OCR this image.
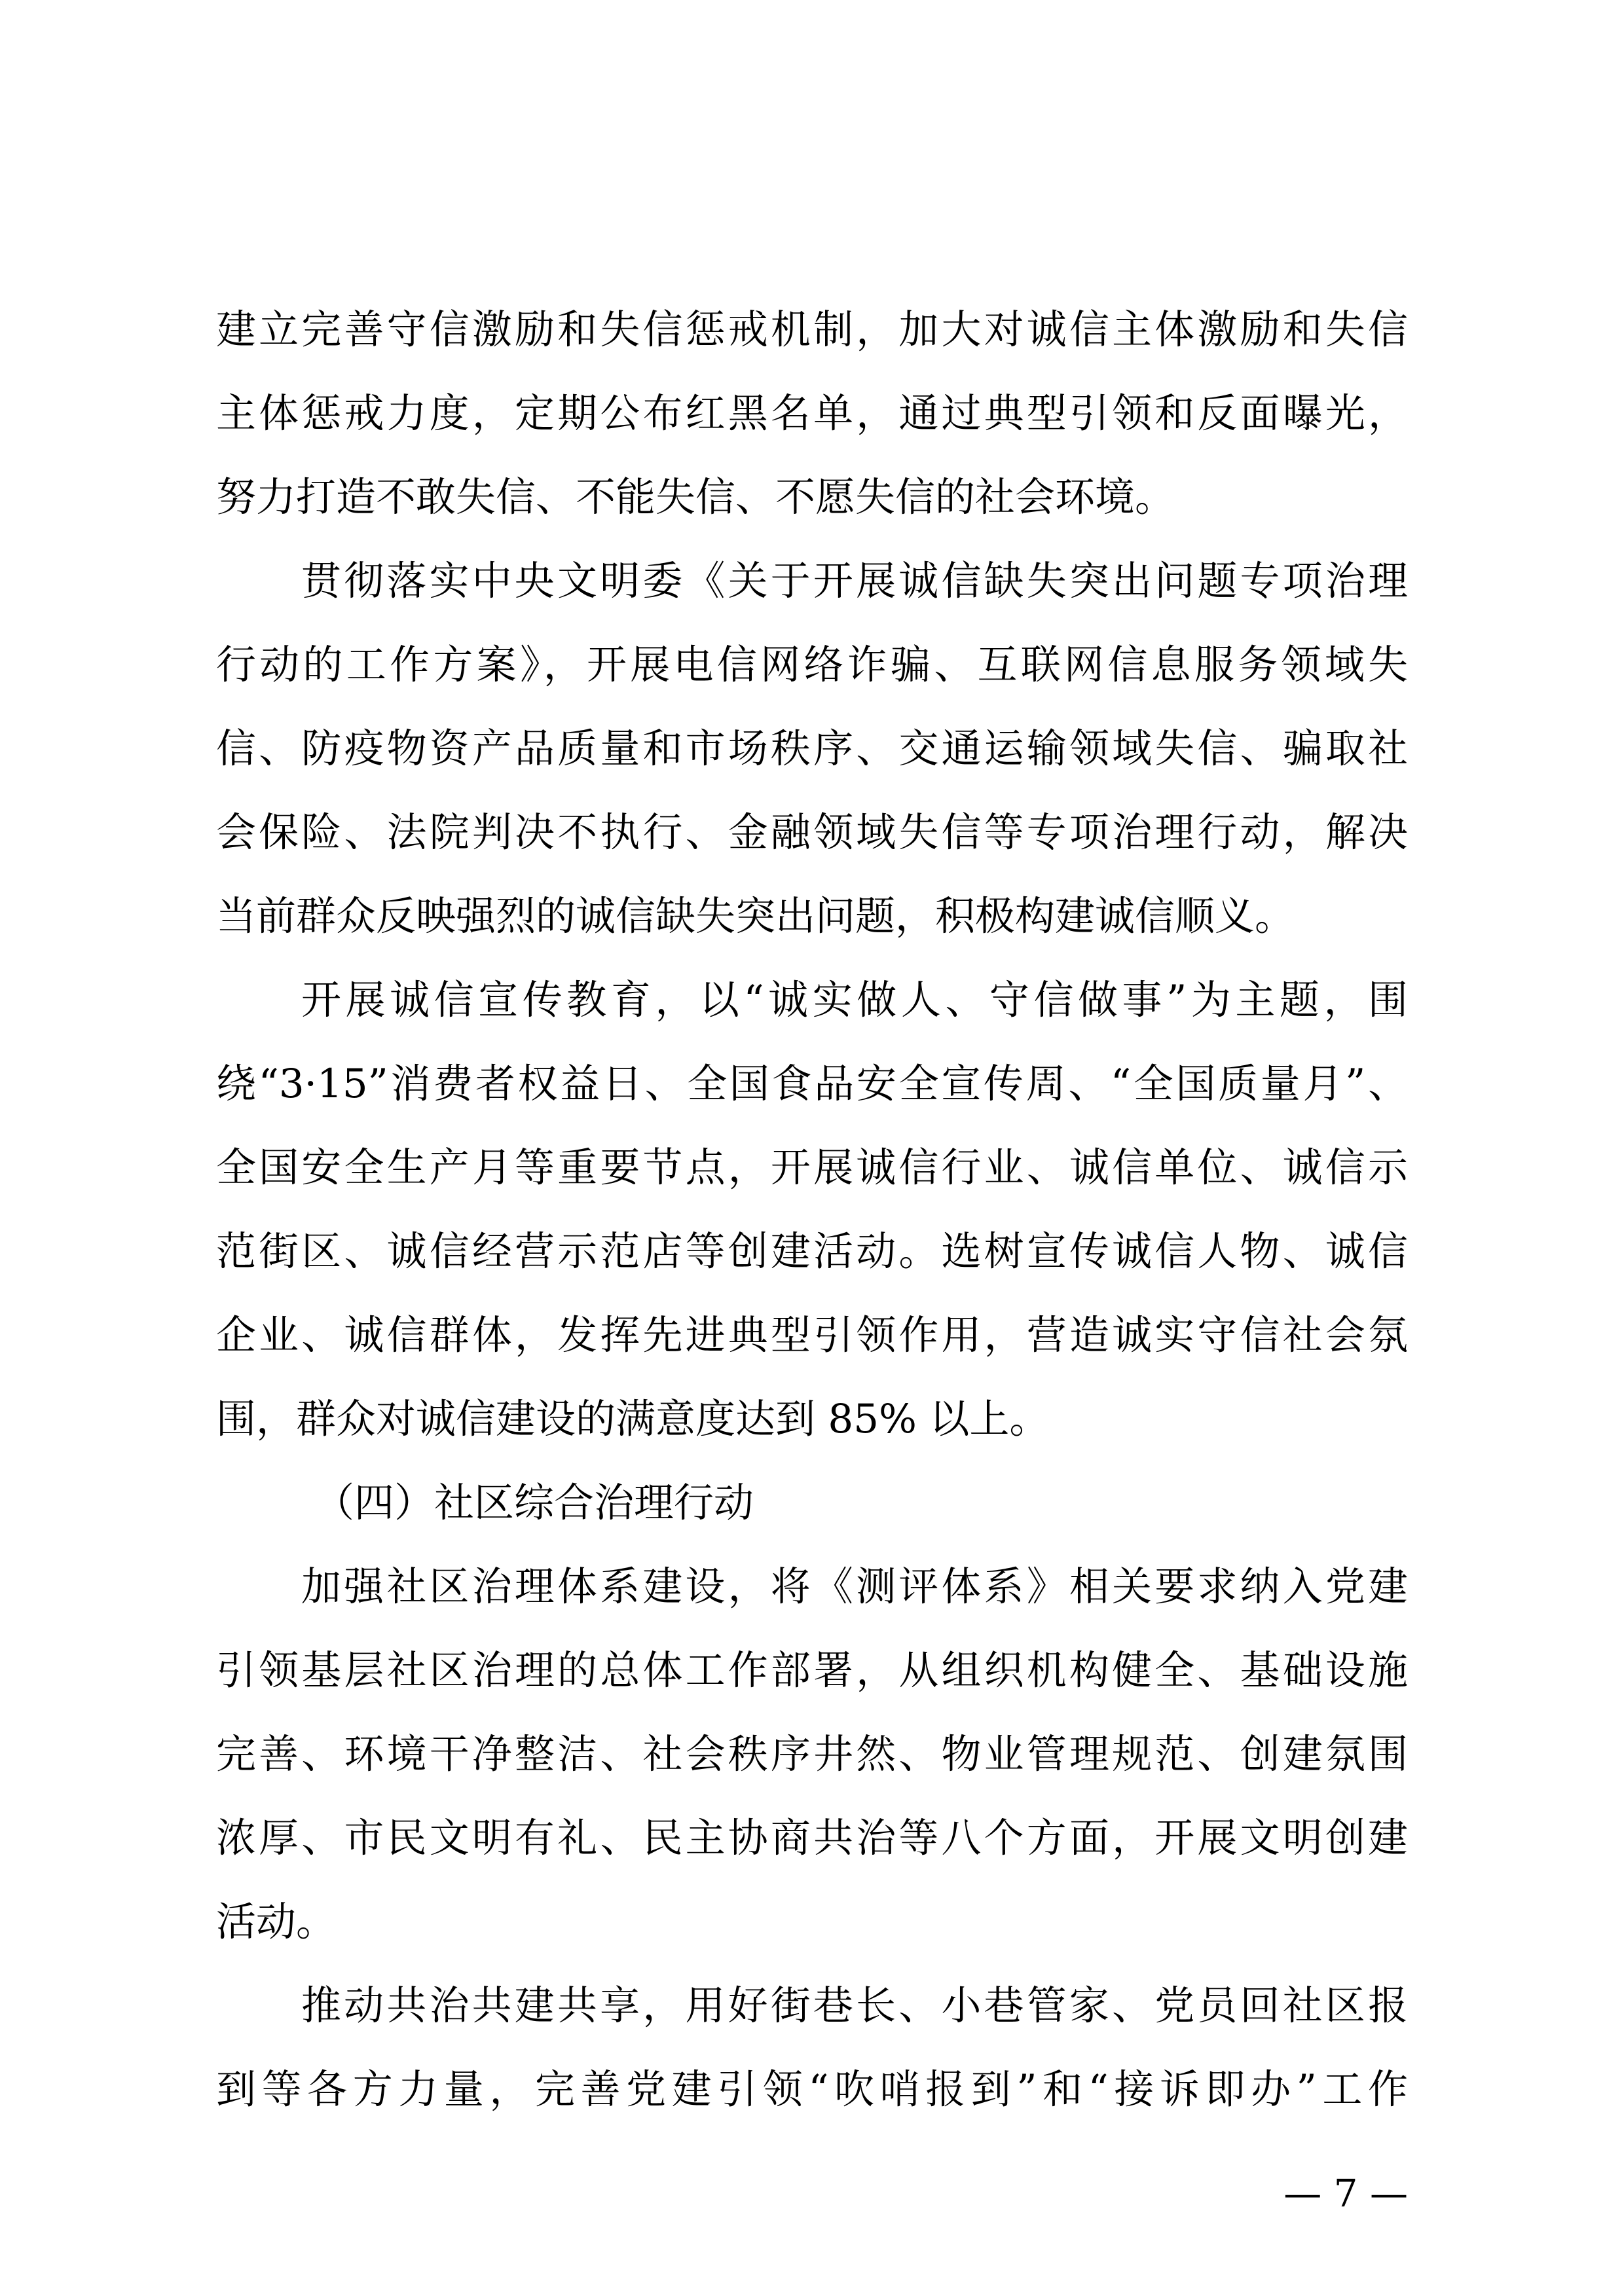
建立完善守信激励和失信惩戒机制，加大对诚信主体激励和失信
主体惩戒力度，定期公布红黑名单，通过典型引领和反面曝光，
努力打造不敢失信、不能失信、不愿失信的社会环境。
贯彻落实中央文明委《关于开展诚信缺失突出问题专项治理
行动的工作方案》，开展电信网络诈骗、互联网信息服务领域失
信、防疫物资产品质量和市场秩序、交通运输领域失信、骗取社
会保险、法院判决不执行、金融领域失信等专项治理行动，解决
当前群众反映强烈的诚信缺失突出问题，积极构建诚信顺义。
开展诚信宣传教育，以“诚实做人、守信做事”为主题，围
绕“3·15”消费者权益日、全国食品安全宣传周、“全国质量月”、
全国安全生产月等重要节点，开展诚信行业、诚信单位、诚信示
范街区、诚信经营示范店等创建活动。选树宣传诚信人物、诚信
企业、诚信群体，发挥先进典型引领作用，营造诚实守信社会氛
围，群众对诚信建设的满意度达到 85% 以上。
（四）社区综合治理行动
加强社区治理体系建设，将《测评体系》相关要求纳入党建
引领基层社区治理的总体工作部署，从组织机构健全、基础设施
完善、环境干净整洁、社会秩序井然、物业管理规范、创建氛围
浓厚、市民文明有礼、民主协商共治等八个方面，开展文明创建
活动。
推动共治共建共享，用好街巷长、小巷管家、党员回社区报
到等各方力量，完善党建引领“吹哨报到”和“接诉即办”工作
— 7 —
